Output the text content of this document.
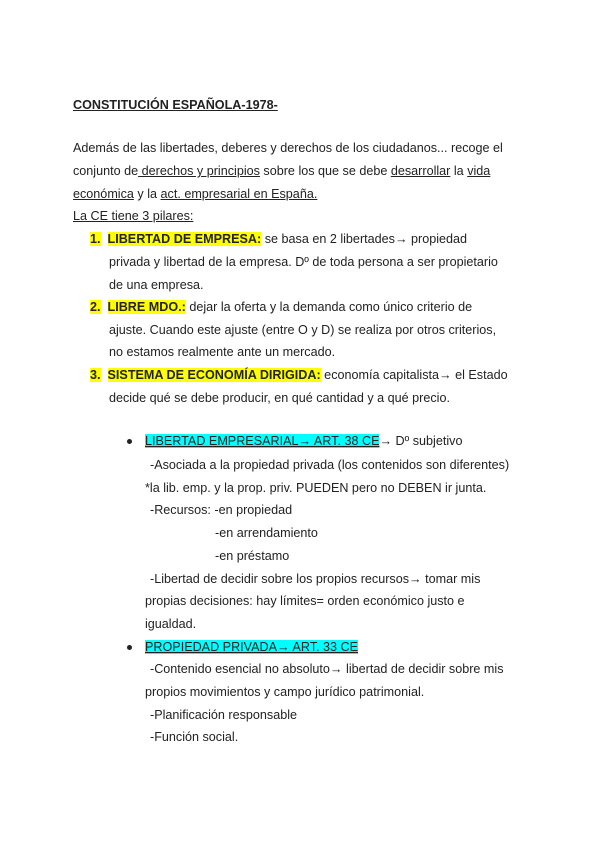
CONSTITUCIÓN ESPAÑOLA-1978-
Además de las libertades, deberes y derechos de los ciudadanos... recoge el
conjunto de derechos y principios sobre los que se debe desarrollar la vida
económica y la act. empresarial en España.
La CE tiene 3 pilares:
1. LIBERTAD DE EMPRESA: se basa en 2 libertades→ propiedad
privada y libertad de la empresa. Dº de toda persona a ser propietario
de una empresa.
2. LIBRE MDO.: dejar la oferta y la demanda como único criterio de
ajuste. Cuando este ajuste (entre O y D) se realiza por otros criterios,
no estamos realmente ante un mercado.
3. SISTEMA DE ECONOMÍA DIRIGIDA: economía capitalista→ el Estado
decide qué se debe producir, en qué cantidad y a qué precio.
LIBERTAD EMPRESARIAL→ ART. 38 CE→ Dº subjetivo
-Asociada a la propiedad privada (los contenidos son diferentes)
*la lib. emp. y la prop. priv. PUEDEN pero no DEBEN ir junta.
-Recursos: -en propiedad
-en arrendamiento
-en préstamo
-Libertad de decidir sobre los propios recursos→ tomar mis
propias decisiones: hay límites= orden económico justo e
igualdad.
PROPIEDAD PRIVADA→ ART. 33 CE
-Contenido esencial no absoluto→ libertad de decidir sobre mis
propios movimientos y campo jurídico patrimonial.
-Planificación responsable
-Función social.
